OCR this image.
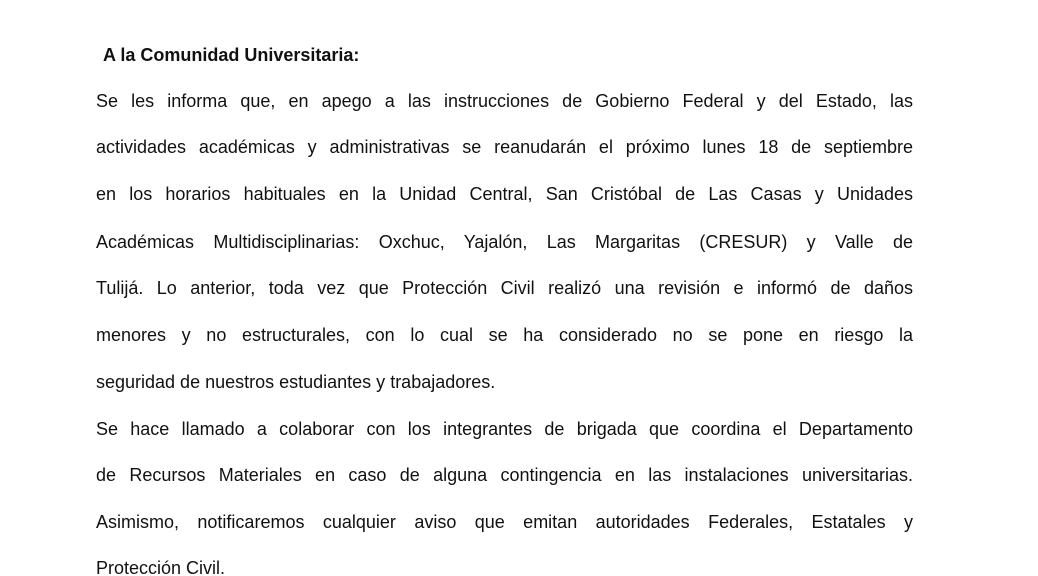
A la Comunidad Universitaria:
Se les informa que, en apego a las instrucciones de Gobierno Federal y del Estado, las
actividades académicas y administrativas se reanudarán el próximo lunes 18 de septiembre
en los horarios habituales en la Unidad Central, San Cristóbal de Las Casas y Unidades
Académicas Multidisciplinarias: Oxchuc, Yajalón, Las Margaritas (CRESUR) y Valle de
Tulijá. Lo anterior, toda vez que Protección Civil realizó una revisión e informó de daños
menores y no estructurales, con lo cual se ha considerado no se pone en riesgo la
seguridad de nuestros estudiantes y trabajadores.
Se hace llamado a colaborar con los integrantes de brigada que coordina el Departamento
de Recursos Materiales en caso de alguna contingencia en las instalaciones universitarias.
Asimismo, notificaremos cualquier aviso que emitan autoridades Federales, Estatales y
Protección Civil.
